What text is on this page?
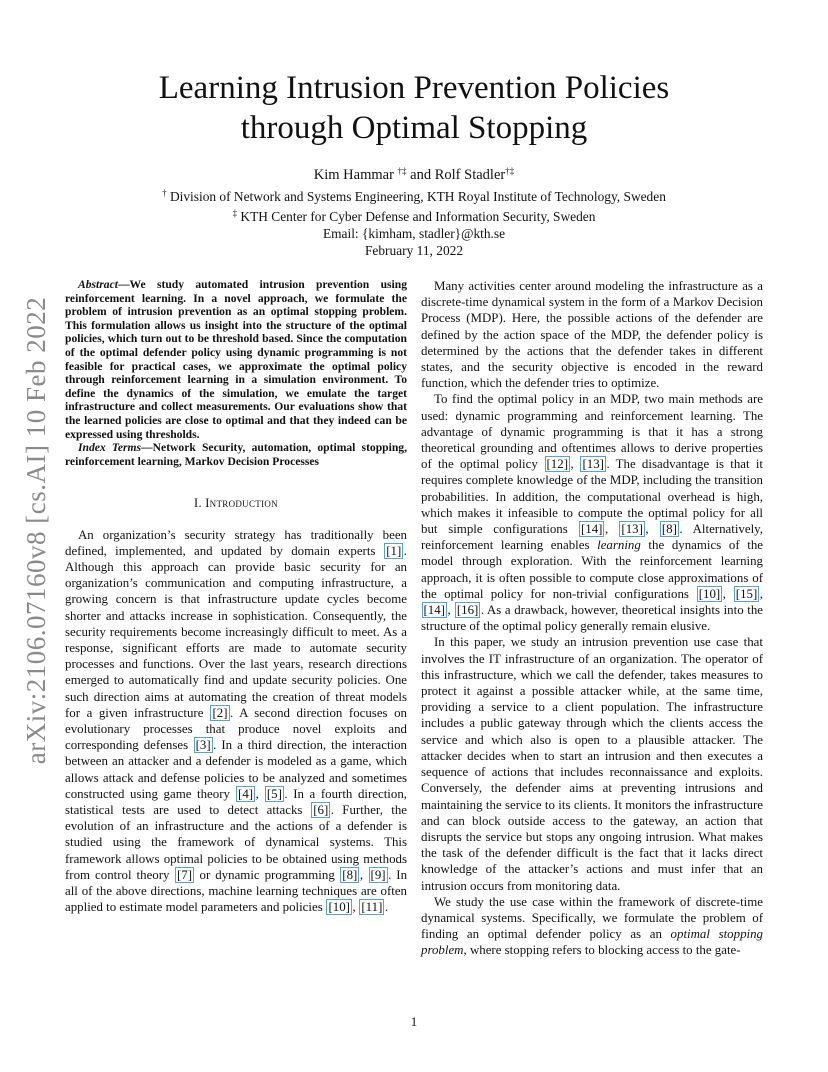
arXiv:2106.07160v8 [cs.AI] 10 Feb 2022
Learning Intrusion Prevention Policies
through Optimal Stopping
Kim Hammar †‡ and Rolf Stadler†‡
† Division of Network and Systems Engineering, KTH Royal Institute of Technology, Sweden
‡ KTH Center for Cyber Defense and Information Security, Sweden
Email: {kimham, stadler}@kth.se
February 11, 2022

Abstract—We study automated intrusion prevention using reinforcement learning. In a novel approach, we formulate the problem of intrusion prevention as an optimal stopping problem. This formulation allows us insight into the structure of the optimal policies, which turn out to be threshold based. Since the computation of the optimal defender policy using dynamic programming is not feasible for practical cases, we approximate the optimal policy through reinforcement learning in a simulation environment. To define the dynamics of the simulation, we emulate the target infrastructure and collect measurements. Our evaluations show that the learned policies are close to optimal and that they indeed can be expressed using thresholds.

Index Terms—Network Security, automation, optimal stopping, reinforcement learning, Markov Decision Processes

I. Introduction

An organization’s security strategy has traditionally been defined, implemented, and updated by domain experts [1] . Although this approach can provide basic security for an organization’s communication and computing infrastructure, a growing concern is that infrastructure update cycles become shorter and attacks increase in sophistication. Consequently, the security requirements become increasingly difficult to meet. As a response, significant efforts are made to automate security processes and functions. Over the last years, research directions emerged to automatically find and update security policies. One such direction aims at automating the creation of threat models for a given infrastructure [2] . A second direction focuses on evolutionary processes that produce novel exploits and corresponding defenses [3] . In a third direction, the interaction between an attacker and a defender is modeled as a game, which allows attack and defense policies to be analyzed and sometimes constructed using game theory [4] , [5] . In a fourth direction, statistical tests are used to detect attacks [6] . Further, the evolution of an infrastructure and the actions of a defender is studied using the framework of dynamical systems. This framework allows optimal policies to be obtained using methods from control theory [7] or dynamic programming [8] , [9] . In all of the above directions, machine learning techniques are often applied to estimate model parameters and policies [10] , [11] .

Many activities center around modeling the infrastructure as a discrete-time dynamical system in the form of a Markov Decision Process (MDP). Here, the possible actions of the defender are defined by the action space of the MDP, the defender policy is determined by the actions that the defender takes in different states, and the security objective is encoded in the reward function, which the defender tries to optimize.

To find the optimal policy in an MDP, two main methods are used: dynamic programming and reinforcement learning. The advantage of dynamic programming is that it has a strong theoretical grounding and oftentimes allows to derive properties of the optimal policy [12] , [13] . The disadvantage is that it requires complete knowledge of the MDP, including the transition probabilities. In addition, the computational overhead is high, which makes it infeasible to compute the optimal policy for all but simple configurations [14] , [13] , [8] . Alternatively, reinforcement learning enables learning the dynamics of the model through exploration. With the reinforcement learning approach, it is often possible to compute close approximations of the optimal policy for non-trivial configurations [10] , [15] , [14] , [16] . As a drawback, however, theoretical insights into the structure of the optimal policy generally remain elusive.

In this paper, we study an intrusion prevention use case that involves the IT infrastructure of an organization. The operator of this infrastructure, which we call the defender, takes measures to protect it against a possible attacker while, at the same time, providing a service to a client population. The infrastructure includes a public gateway through which the clients access the service and which also is open to a plausible attacker. The attacker decides when to start an intrusion and then executes a sequence of actions that includes reconnaissance and exploits. Conversely, the defender aims at preventing intrusions and maintaining the service to its clients. It monitors the infrastructure and can block outside access to the gateway, an action that disrupts the service but stops any ongoing intrusion. What makes the task of the defender difficult is the fact that it lacks direct knowledge of the attacker’s actions and must infer that an intrusion occurs from monitoring data.

We study the use case within the framework of discrete-time dynamical systems. Specifically, we formulate the problem of finding an optimal defender policy as an optimal stopping problem, where stopping refers to blocking access to the gate-

1
